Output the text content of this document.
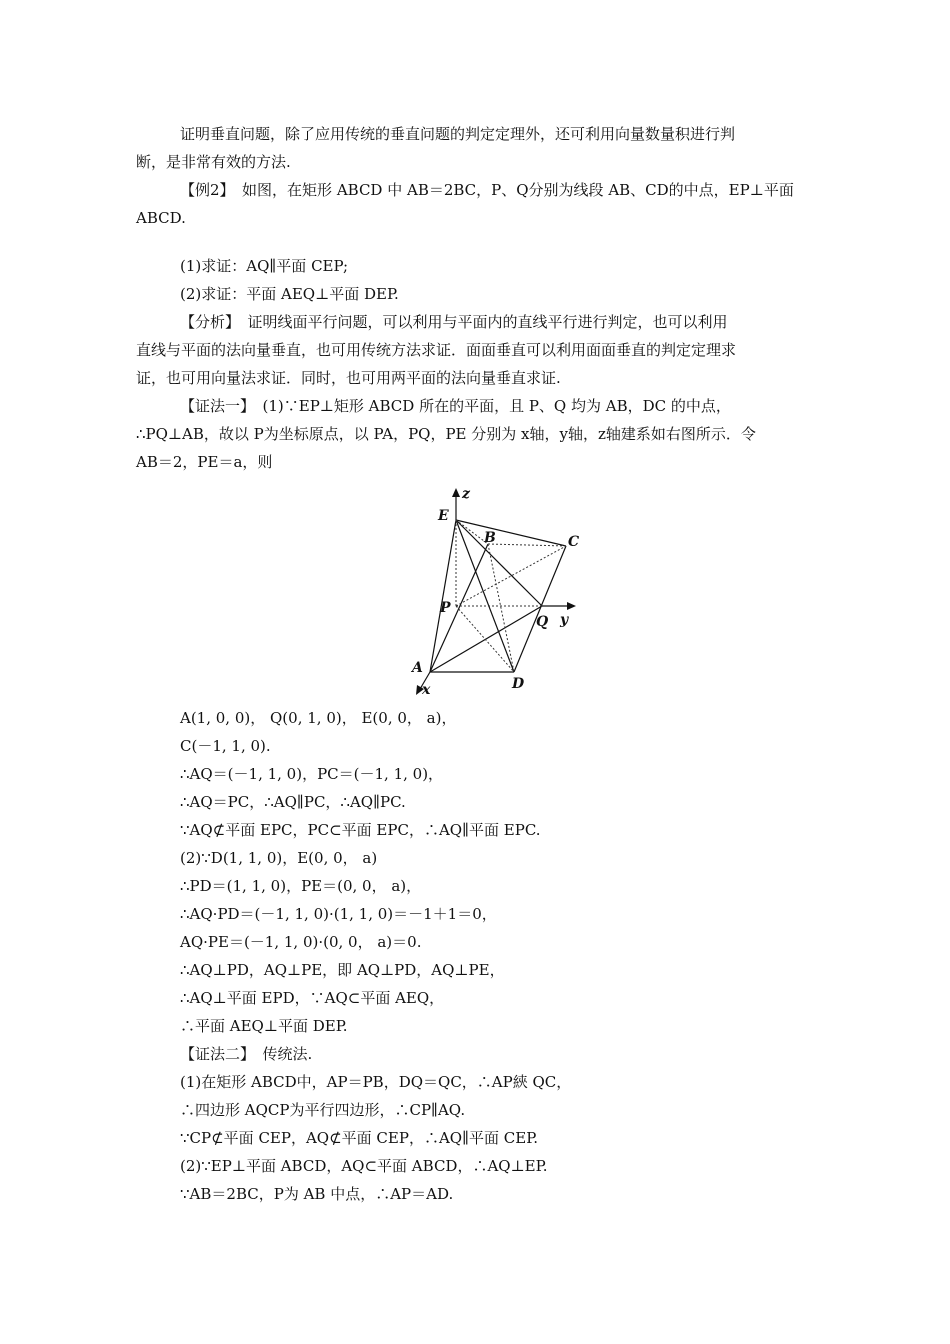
证明垂直问题，除了应用传统的垂直问题的判定定理外，还可利用向量数量积进行判
断，是非常有效的方法.
【例2】　如图，在矩形 ABCD 中 AB＝2BC，P、Q分别为线段 AB、CD的中点，EP⊥平面
ABCD.
(1)求证：AQ∥平面 CEP;
(2)求证：平面 AEQ⊥平面 DEP.
【分析】　证明线面平行问题，可以利用与平面内的直线平行进行判定，也可以利用
直线与平面的法向量垂直，也可用传统方法求证．面面垂直可以利用面面垂直的判定定理求
证，也可用向量法求证．同时，也可用两平面的法向量垂直求证.
【证法一】　(1)∵EP⊥矩形 ABCD 所在的平面，且 P、Q 均为 AB，DC 的中点，
∴PQ⊥AB，故以 P为坐标原点，以 PA，PQ，PE 分别为 x轴，y轴，z轴建系如右图所示．令
AB＝2，PE＝a，则
z
E
B	C
P
Q y
A
D
x
A(1, 0, 0)， Q(0, 1, 0)， E(0, 0， a)，
C(－1, 1, 0).
∴AQ＝(－1, 1, 0)，PC＝(－1, 1, 0)，
∴AQ＝PC，∴AQ∥PC，∴AQ∥PC.
∵AQ⊄平面 EPC，PC⊂平面 EPC，∴AQ∥平面 EPC.
(2)∵D(1, 1, 0)，E(0, 0， a)
∴PD＝(1, 1, 0)，PE＝(0, 0， a)，
∴AQ·PD＝(－1, 1, 0)·(1, 1, 0)＝－1＋1＝0，
AQ·PE＝(－1, 1, 0)·(0, 0， a)＝0.
∴AQ⊥PD，AQ⊥PE，即 AQ⊥PD，AQ⊥PE，
∴AQ⊥平面 EPD，∵AQ⊂平面 AEQ，
∴平面 AEQ⊥平面 DEP.
【证法二】　传统法.
(1)在矩形 ABCD中，AP＝PB，DQ＝QC，∴AP綊 QC，
∴四边形 AQCP为平行四边形，∴CP∥AQ.
∵CP⊄平面 CEP，AQ⊄平面 CEP，∴AQ∥平面 CEP.
(2)∵EP⊥平面 ABCD，AQ⊂平面 ABCD，∴AQ⊥EP.
∵AB＝2BC，P为 AB 中点，∴AP＝AD.
